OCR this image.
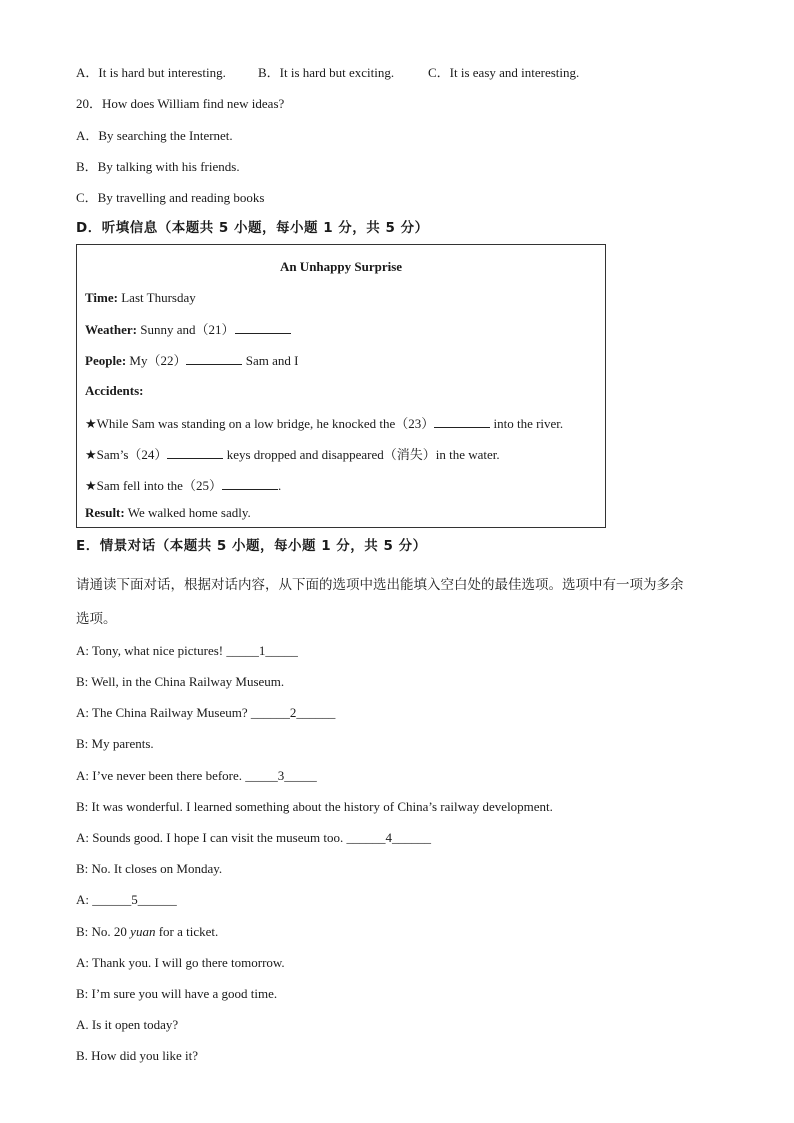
A．It is hard but interesting. B．It is hard but exciting.	C．It is easy and interesting.
20．How does William find new ideas?
A．By searching the Internet.
B．By talking with his friends.
C．By travelling and reading books
D．听填信息（本题共 5 小题，每小题 1 分，共 5 分）
An Unhappy Surprise
Time: Last Thursday
Weather: Sunny and（21）
People: My（22）	Sam and I
Accidents:
★While Sam was standing on a low bridge, he knocked the（23）	into the river.
★Sam’s（24）	keys dropped and disappeared（消失）in the water.
★Sam fell into the（25）	.
Result: We walked home sadly.
E．情景对话（本题共 5 小题，每小题 1 分，共 5 分）
请通读下面对话，根据对话内容，从下面的选项中选出能填入空白处的最佳选项。选项中有一项为多余
选项。
A: Tony, what nice pictures! _____1_____
B: Well, in the China Railway Museum.
A: The China Railway Museum? ______2______
B: My parents.
A: I’ve never been there before. _____3_____
B: It was wonderful. I learned something about the history of China’s railway development.
A: Sounds good. I hope I can visit the museum too. ______4______
B: No. It closes on Monday.
A: ______5______
B: No. 20 yuan for a ticket.
A: Thank you. I will go there tomorrow.
B: I’m sure you will have a good time.
A. Is it open today?
B. How did you like it?
